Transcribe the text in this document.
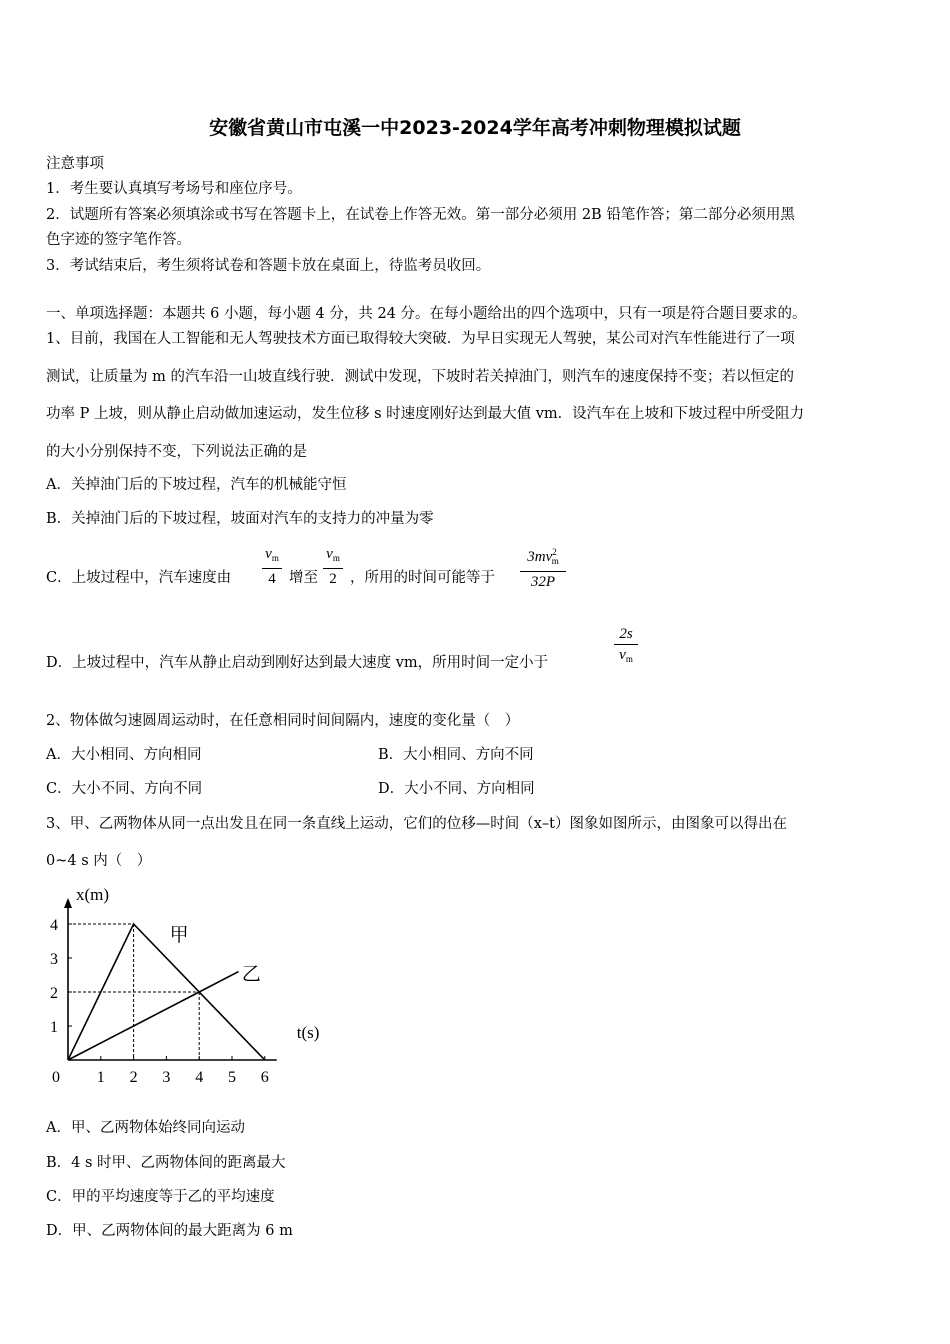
安徽省黄山市屯溪一中2023-2024学年高考冲刺物理模拟试题
注意事项
1．考生要认真填写考场号和座位序号。
2．试题所有答案必须填涂或书写在答题卡上，在试卷上作答无效。第一部分必须用 2B 铅笔作答；第二部分必须用黑
色字迹的签字笔作答。
3．考试结束后，考生须将试卷和答题卡放在桌面上，待监考员收回。
一、单项选择题：本题共 6 小题，每小题 4 分，共 24 分。在每小题给出的四个选项中，只有一项是符合题目要求的。
1、目前，我国在人工智能和无人驾驶技术方面已取得较大突破．为早日实现无人驾驶，某公司对汽车性能进行了一项
测试，让质量为 m 的汽车沿一山坡直线行驶．测试中发现，下坡时若关掉油门，则汽车的速度保持不变；若以恒定的
功率 P 上坡，则从静止启动做加速运动，发生位移 s 时速度刚好达到最大值 vm．设汽车在上坡和下坡过程中所受阻力
的大小分别保持不变，下列说法正确的是
A．关掉油门后的下坡过程，汽车的机械能守恒
B．关掉油门后的下坡过程，坡面对汽车的支持力的冲量为零
C．上坡过程中，汽车速度由
$v_m$
4 增至
$v_m$
2 ，所用的时间可能等于
$3mv^2_m$
32P
D．上坡过程中，汽车从静止启动到刚好达到最大速度 vm，所用时间一定小于
2s
$v_m$
2、物体做匀速圆周运动时，在任意相同时间间隔内，速度的变化量（　）
A．大小相同、方向相同	B．大小相同、方向不同
C．大小不同、方向不同	D．大小不同、方向相同
3、甲、乙两物体从同一点出发且在同一条直线上运动，它们的位移—时间（x–t）图象如图所示，由图象可以得出在
0~4 s 内（　）
x(m)
t(s)
0 1 2 3 4 5 6
1
2
3
4	甲
乙
A．甲、乙两物体始终同向运动
B．4 s 时甲、乙两物体间的距离最大
C．甲的平均速度等于乙的平均速度
D．甲、乙两物体间的最大距离为 6 m
